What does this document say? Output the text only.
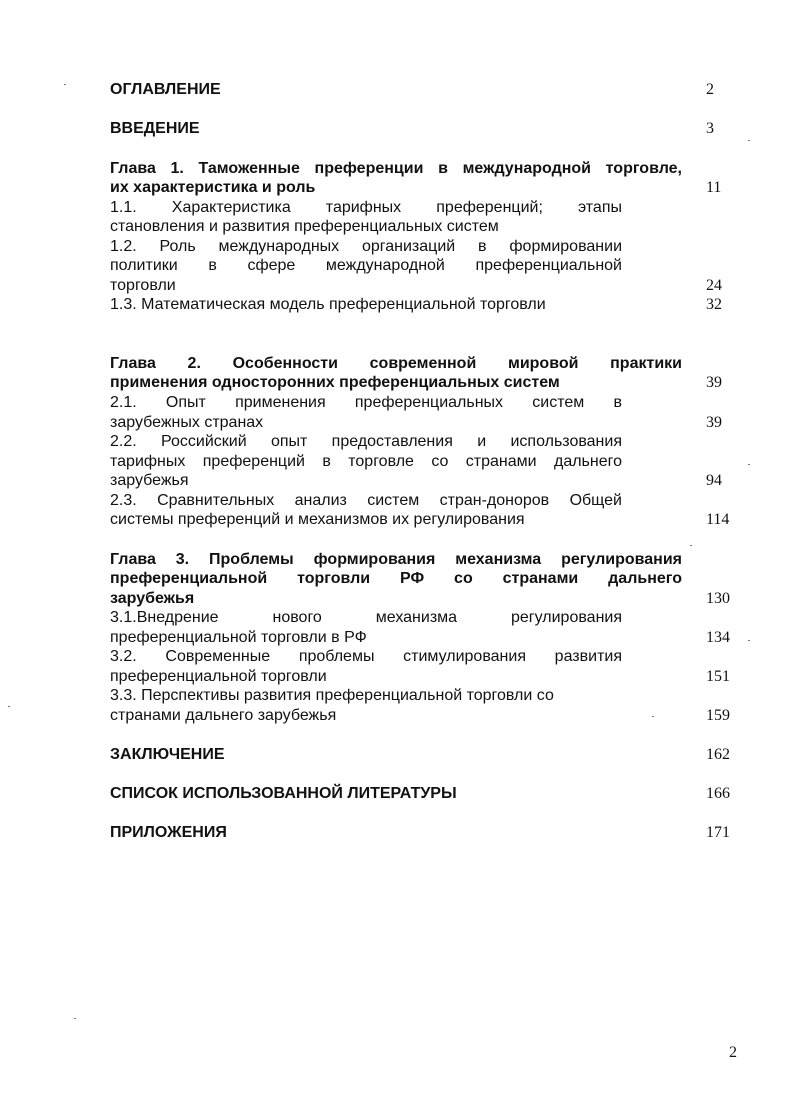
ОГЛАВЛЕНИЕ	2
ВВЕДЕНИЕ	3
Глава 1. Таможенные преференции в международной торговле,
их характеристика и роль	11
1.1. Характеристика тарифных преференций; этапы
становления и развития преференциальных систем
1.2. Роль международных организаций в формировании
политики в сфере международной преференциальной
торговли	24
1.3. Математическая модель преференциальной торговли	32
Глава 2. Особенности современной мировой практики
применения односторонних преференциальных систем	39
2.1. Опыт применения преференциальных систем в
зарубежных странах	39
2.2. Российский опыт предоставления и использования
тарифных преференций в торговле со странами дальнего
зарубежья	94
2.3. Сравнительных анализ систем стран-доноров Общей
системы преференций и механизмов их регулирования	114
Глава 3. Проблемы формирования механизма регулирования
преференциальной торговли РФ со странами дальнего
зарубежья	130
3.1.Внедрение нового механизма регулирования
преференциальной торговли в РФ	134
3.2. Современные проблемы стимулирования развития
преференциальной торговли	151
3.3. Перспективы развития преференциальной торговли со
странами дальнего зарубежья	159
ЗАКЛЮЧЕНИЕ	162
СПИСОК ИСПОЛЬЗОВАННОЙ ЛИТЕРАТУРЫ	166
ПРИЛОЖЕНИЯ	171
2
